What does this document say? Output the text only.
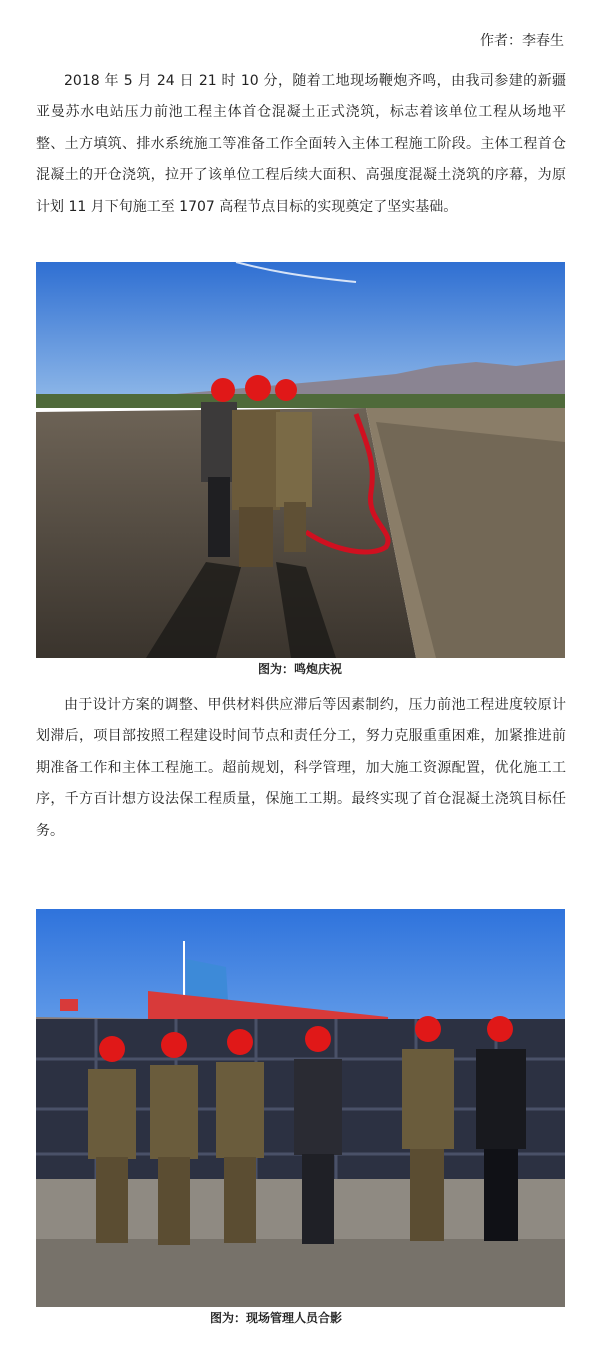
作者：李春生

2018 年 5 月 24 日 21 时 10 分，随着工地现场鞭炮齐鸣，由我司参建的新疆亚曼苏水电站压力前池工程主体首仓混凝土正式浇筑，标志着该单位工程从场地平整、土方填筑、排水系统施工等准备工作全面转入主体工程施工阶段。主体工程首仓混凝土的开仓浇筑，拉开了该单位工程后续大面积、高强度混凝土浇筑的序幕，为原计划 11 月下旬施工至 1707 高程节点目标的实现奠定了坚实基础。

图为：鸣炮庆祝

由于设计方案的调整、甲供材料供应滞后等因素制约，压力前池工程进度较原计划滞后，项目部按照工程建设时间节点和责任分工，努力克服重重困难，加紧推进前期准备工作和主体工程施工。超前规划，科学管理，加大施工资源配置，优化施工工序，千方百计想方设法保工程质量，保施工工期。最终实现了首仓混凝土浇筑目标任务。

图为：现场管理人员合影
